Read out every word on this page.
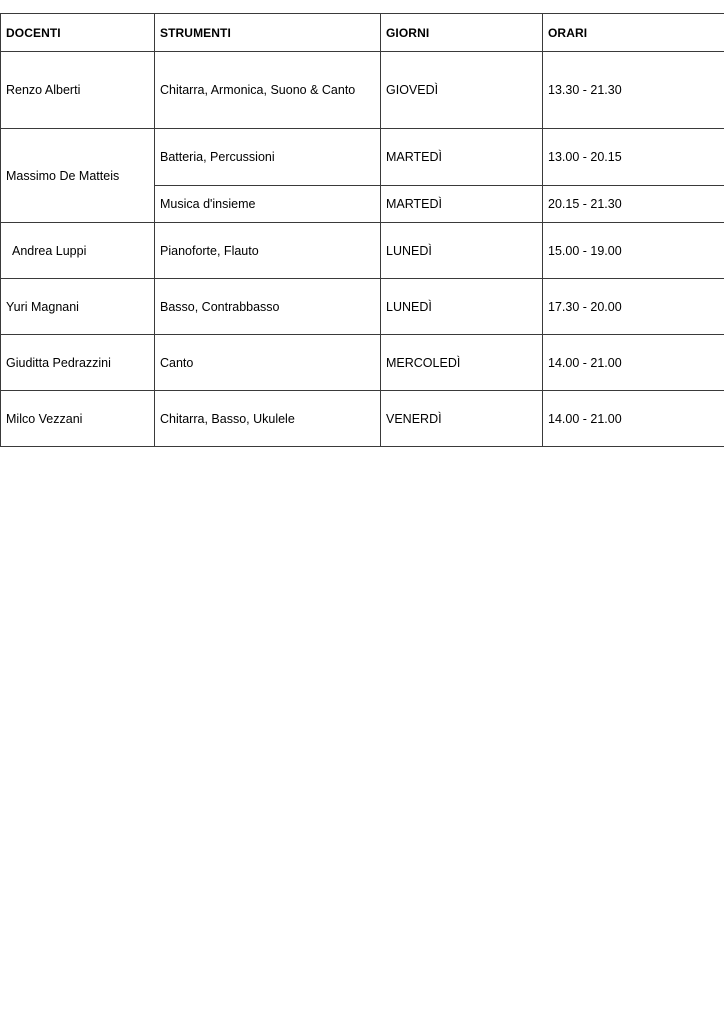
DOCENTI	STRUMENTI	GIORNI	ORARI
Renzo Alberti	Chitarra, Armonica, Suono & Canto	GIOVEDÌ	13.30 - 21.30
Massimo De Matteis	Batteria, Percussioni	MARTEDÌ	13.00 - 20.15
	Musica d'insieme	MARTEDÌ	20.15 - 21.30
Andrea Luppi	Pianoforte, Flauto	LUNEDÌ	15.00 - 19.00
Yuri Magnani	Basso, Contrabbasso	LUNEDÌ	17.30 - 20.00
Giuditta Pedrazzini	Canto	MERCOLEDÌ	14.00 - 21.00
Milco Vezzani	Chitarra, Basso, Ukulele	VENERDÌ	14.00 - 21.00
